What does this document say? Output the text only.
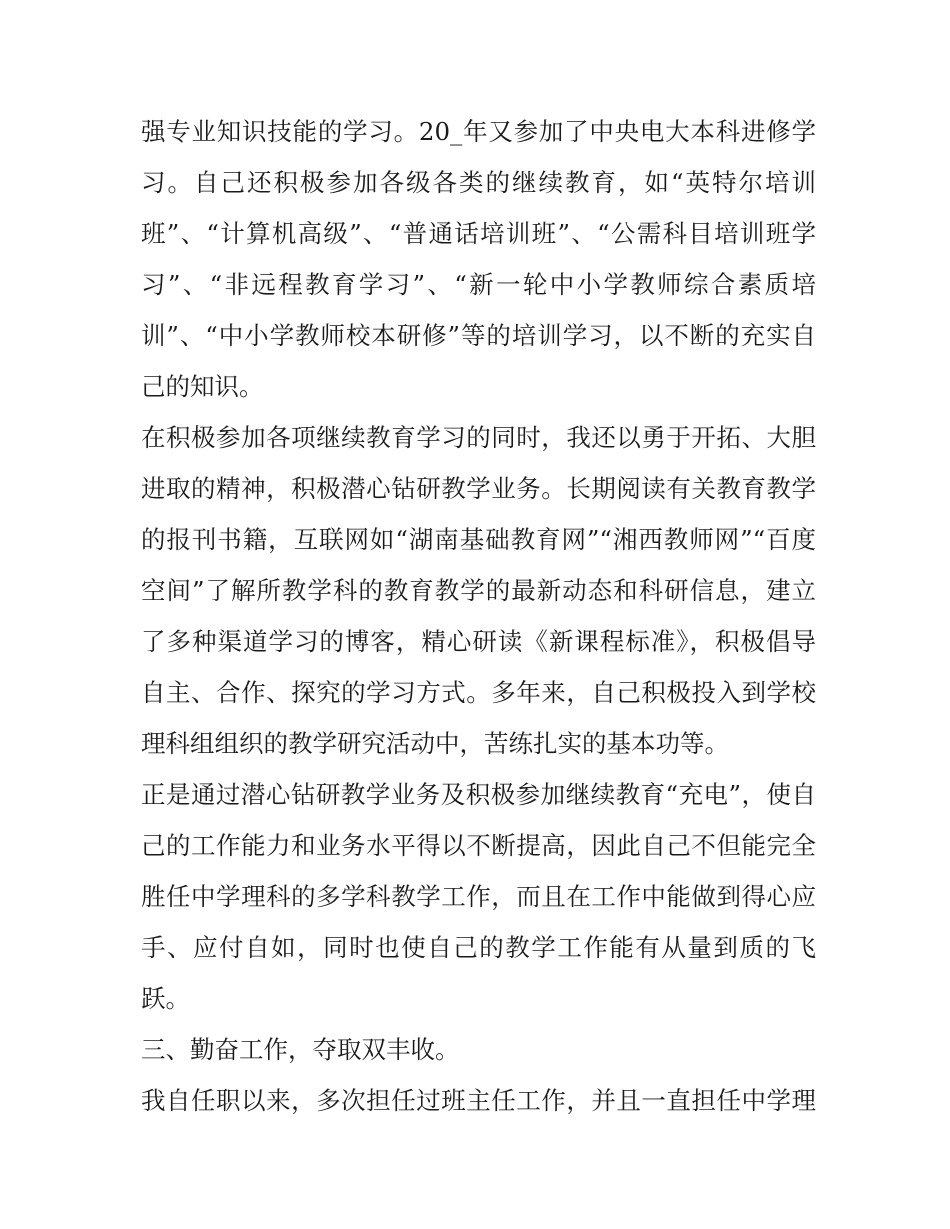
强专业知识技能的学习。20_年又参加了中央电大本科进修学
习。自己还积极参加各级各类的继续教育，如“英特尔培训
班”、“计算机高级”、“普通话培训班”、“公需科目培训班学
习”、“非远程教育学习”、“新一轮中小学教师综合素质培
训”、“中小学教师校本研修”等的培训学习，以不断的充实自
己的知识。
在积极参加各项继续教育学习的同时，我还以勇于开拓、大胆
进取的精神，积极潜心钻研教学业务。长期阅读有关教育教学
的报刊书籍，互联网如“湖南基础教育网”“湘西教师网”“百度
空间”了解所教学科的教育教学的最新动态和科研信息，建立
了多种渠道学习的博客，精心研读《新课程标准》，积极倡导
自主、合作、探究的学习方式。多年来，自己积极投入到学校
理科组组织的教学研究活动中，苦练扎实的基本功等。
正是通过潜心钻研教学业务及积极参加继续教育“充电”，使自
己的工作能力和业务水平得以不断提高，因此自己不但能完全
胜任中学理科的多学科教学工作，而且在工作中能做到得心应
手、应付自如，同时也使自己的教学工作能有从量到质的飞
跃。
三、勤奋工作，夺取双丰收。
我自任职以来，多次担任过班主任工作，并且一直担任中学理
